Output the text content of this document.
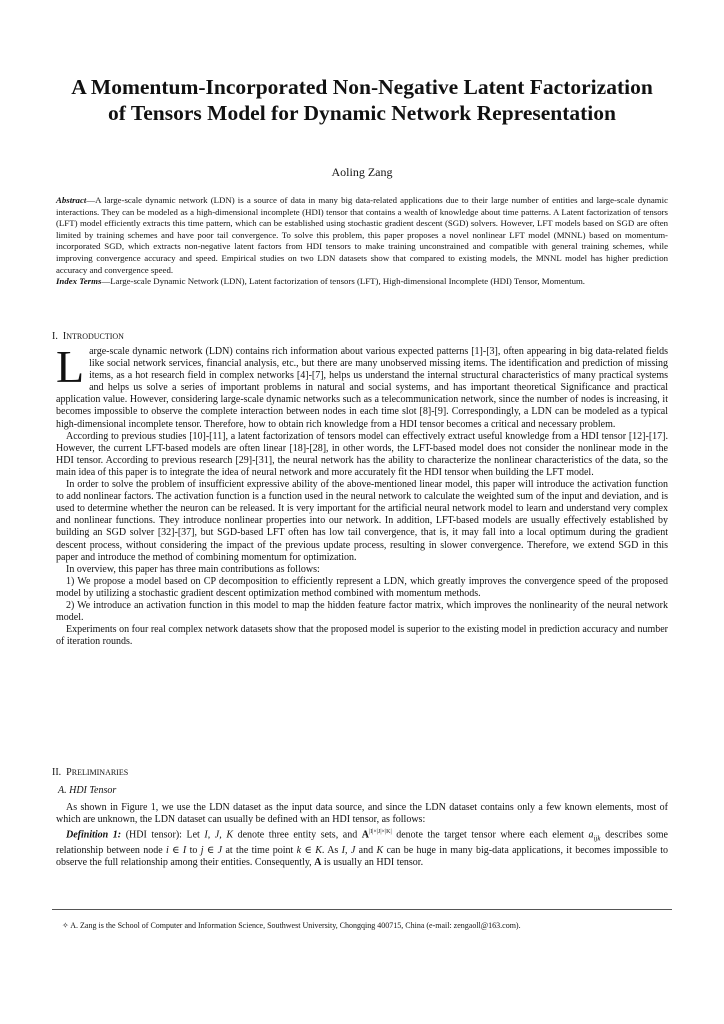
A Momentum-Incorporated Non-Negative Latent Factorization
of Tensors Model for Dynamic Network Representation
Aoling Zang
Abstract—A large-scale dynamic network (LDN) is a source of data in many big data-related applications due to their large number of entities and large-scale dynamic interactions. They can be modeled as a high-dimensional incomplete (HDI) tensor that contains a wealth of knowledge about time patterns. A Latent factorization of tensors (LFT) model efficiently extracts this time pattern, which can be established using stochastic gradient descent (SGD) solvers. However, LFT models based on SGD are often limited by training schemes and have poor tail convergence. To solve this problem, this paper proposes a novel nonlinear LFT model (MNNL) based on momentum-incorporated SGD, which extracts non-negative latent factors from HDI tensors to make training unconstrained and compatible with general training schemes, while improving convergence accuracy and speed. Empirical studies on two LDN datasets show that compared to existing models, the MNNL model has higher prediction accuracy and convergence speed.
Index Terms—Large-scale Dynamic Network (LDN), Latent factorization of tensors (LFT), High-dimensional Incomplete (HDI) Tensor, Momentum.
I. INTRODUCTION

Large-scale dynamic network (LDN) contains rich information about various expected patterns [1]-[3], often appearing in big data-related fields like social network services, financial analysis, etc., but there are many unobserved missing items. The identification and prediction of missing items, as a hot research field in complex networks [4]-[7], helps us understand the internal structural characteristics of many practical systems and helps us solve a series of important problems in natural and social systems, and has important theoretical Significance and practical application value. However, considering large-scale dynamic networks such as a telecommunication network, since the number of nodes is increasing, it becomes impossible to observe the complete interaction between nodes in each time slot [8]-[9]. Correspondingly, a LDN can be modeled as a typical high-dimensional incomplete tensor. Therefore, how to obtain rich knowledge from a HDI tensor becomes a critical and necessary problem.

According to previous studies [10]-[11], a latent factorization of tensors model can effectively extract useful knowledge from a HDI tensor [12]-[17]. However, the current LFT-based models are often linear [18]-[28], in other words, the LFT-based model does not consider the nonlinear mode in the HDI tensor. According to previous research [29]-[31], the neural network has the ability to characterize the nonlinear characteristics of the data, so the main idea of this paper is to integrate the idea of neural network and more accurately fit the HDI tensor when building the LFT model.

In order to solve the problem of insufficient expressive ability of the above-mentioned linear model, this paper will introduce the activation function to add nonlinear factors. The activation function is a function used in the neural network to calculate the weighted sum of the input and deviation, and is used to determine whether the neuron can be released. It is very important for the artificial neural network model to learn and understand very complex and nonlinear functions. They introduce nonlinear properties into our network. In addition, LFT-based models are usually effectively established by building an SGD solver [32]-[37], but SGD-based LFT often has low tail convergence, that is, it may fall into a local optimum during the gradient descent process, without considering the impact of the previous update process, resulting in slower convergence. Therefore, we extend SGD in this paper and introduce the method of combining momentum for optimization.

In overview, this paper has three main contributions as follows:

1) We propose a model based on CP decomposition to efficiently represent a LDN, which greatly improves the convergence speed of the proposed model by utilizing a stochastic gradient descent optimization method combined with momentum methods.

2) We introduce an activation function in this model to map the hidden feature factor matrix, which improves the nonlinearity of the neural network model.

Experiments on four real complex network datasets show that the proposed model is superior to the existing model in prediction accuracy and number of iteration rounds.

II. PRELIMINARIES
A. HDI Tensor

As shown in Figure 1, we use the LDN dataset as the input data source, and since the LDN dataset contains only a few known elements, most of which are unknown, the LDN dataset can usually be defined with an HDI tensor, as follows:

Definition 1: (HDI tensor): Let I, J, K denote three entity sets, and $A^{|I|\times|J|\times|K|}$ denote the target tensor where each element $a_{ijk}$ describes some relationship between node i ∈ I to j ∈ J at the time point k ∈ K. As I, J and K can be huge in many big-data applications, it becomes impossible to observe the full relationship among their entities. Consequently, A is usually an HDI tensor.

✧ A. Zang is the School of Computer and Information Science, Southwest University, Chongqing 400715, China (e-mail: zengaoll@163.com).
